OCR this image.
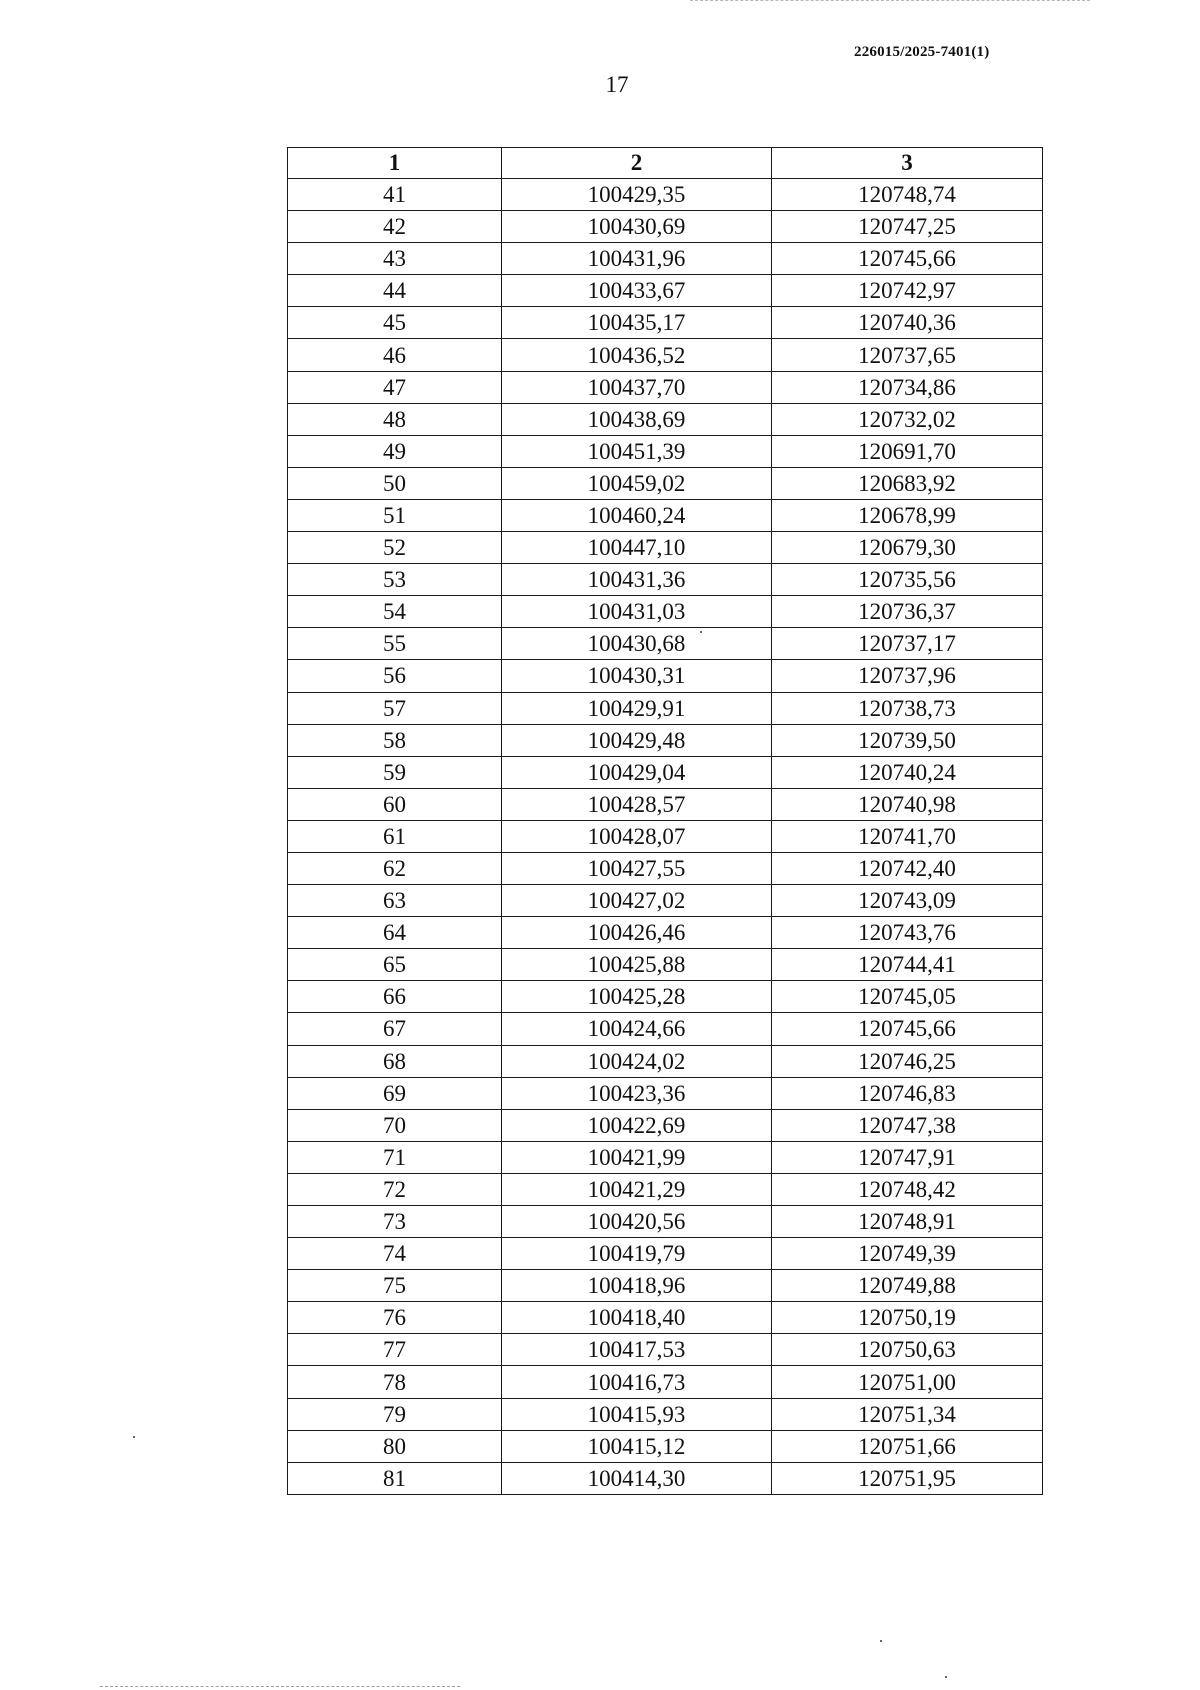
226015/2025-7401(1)
17
1	2	3
41	100429,35	120748,74
42	100430,69	120747,25
43	100431,96	120745,66
44	100433,67	120742,97
45	100435,17	120740,36
46	100436,52	120737,65
47	100437,70	120734,86
48	100438,69	120732,02
49	100451,39	120691,70
50	100459,02	120683,92
51	100460,24	120678,99
52	100447,10	120679,30
53	100431,36	120735,56
54	100431,03	120736,37
55	100430,68	120737,17
56	100430,31	120737,96
57	100429,91	120738,73
58	100429,48	120739,50
59	100429,04	120740,24
60	100428,57	120740,98
61	100428,07	120741,70
62	100427,55	120742,40
63	100427,02	120743,09
64	100426,46	120743,76
65	100425,88	120744,41
66	100425,28	120745,05
67	100424,66	120745,66
68	100424,02	120746,25
69	100423,36	120746,83
70	100422,69	120747,38
71	100421,99	120747,91
72	100421,29	120748,42
73	100420,56	120748,91
74	100419,79	120749,39
75	100418,96	120749,88
76	100418,40	120750,19
77	100417,53	120750,63
78	100416,73	120751,00
79	100415,93	120751,34
80	100415,12	120751,66
81	100414,30	120751,95
